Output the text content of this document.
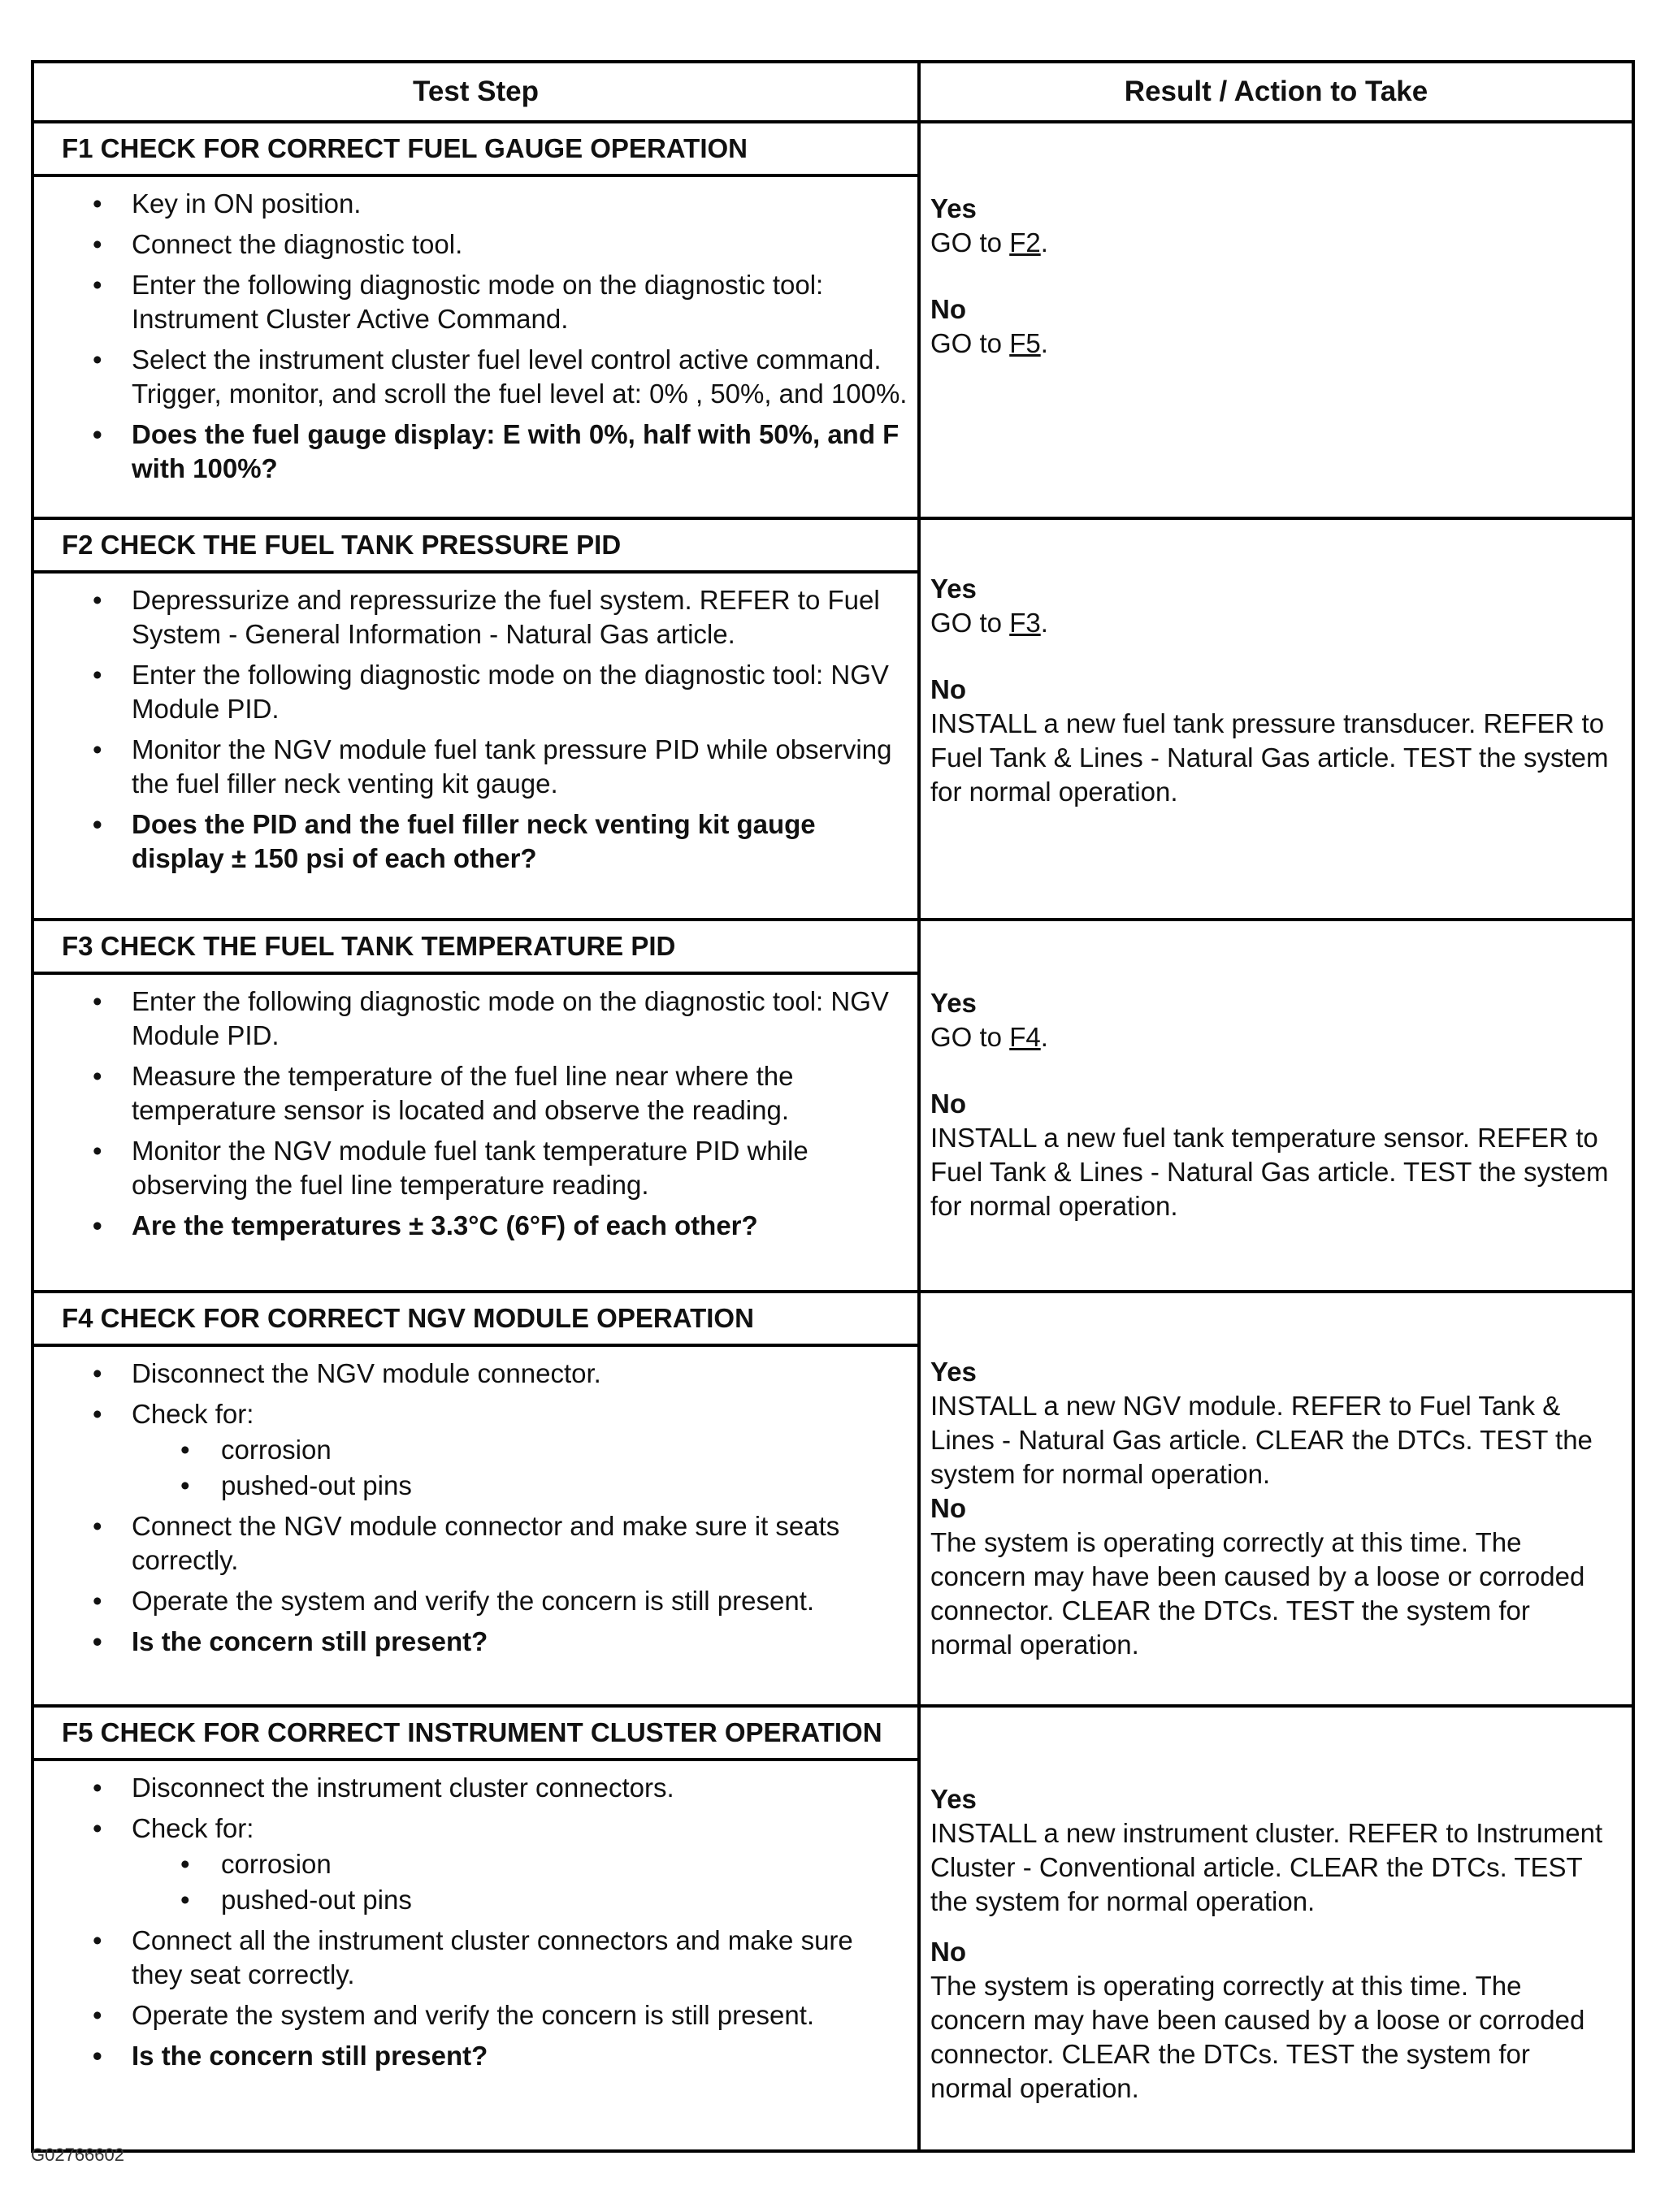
Test Step	Result / Action to Take
F1 CHECK FOR CORRECT FUEL GAUGE OPERATION
• Key in ON position.
• Connect the diagnostic tool.
• Enter the following diagnostic mode on the diagnostic tool: Instrument Cluster Active Command.
• Select the instrument cluster fuel level control active command. Trigger, monitor, and scroll the fuel level at: 0% , 50%, and 100%.
• Does the fuel gauge display: E with 0%, half with 50%, and F with 100%?
Yes
GO to F2.
No
GO to F5.
F2 CHECK THE FUEL TANK PRESSURE PID
• Depressurize and repressurize the fuel system. REFER to Fuel System - General Information - Natural Gas article.
• Enter the following diagnostic mode on the diagnostic tool: NGV Module PID.
• Monitor the NGV module fuel tank pressure PID while observing the fuel filler neck venting kit gauge.
• Does the PID and the fuel filler neck venting kit gauge display ± 150 psi of each other?
Yes
GO to F3.
No
INSTALL a new fuel tank pressure transducer. REFER to Fuel Tank & Lines - Natural Gas article. TEST the system for normal operation.
F3 CHECK THE FUEL TANK TEMPERATURE PID
• Enter the following diagnostic mode on the diagnostic tool: NGV Module PID.
• Measure the temperature of the fuel line near where the temperature sensor is located and observe the reading.
• Monitor the NGV module fuel tank temperature PID while observing the fuel line temperature reading.
• Are the temperatures ± 3.3°C (6°F) of each other?
Yes
GO to F4.
No
INSTALL a new fuel tank temperature sensor. REFER to Fuel Tank & Lines - Natural Gas article. TEST the system for normal operation.
F4 CHECK FOR CORRECT NGV MODULE OPERATION
• Disconnect the NGV module connector.
• Check for:
• corrosion
• pushed-out pins
• Connect the NGV module connector and make sure it seats correctly.
• Operate the system and verify the concern is still present.
• Is the concern still present?
Yes
INSTALL a new NGV module. REFER to Fuel Tank & Lines - Natural Gas article. CLEAR the DTCs. TEST the system for normal operation.
No
The system is operating correctly at this time. The concern may have been caused by a loose or corroded connector. CLEAR the DTCs. TEST the system for normal operation.
F5 CHECK FOR CORRECT INSTRUMENT CLUSTER OPERATION
• Disconnect the instrument cluster connectors.
• Check for:
• corrosion
• pushed-out pins
• Connect all the instrument cluster connectors and make sure they seat correctly.
• Operate the system and verify the concern is still present.
• Is the concern still present?
Yes
INSTALL a new instrument cluster. REFER to Instrument Cluster - Conventional article. CLEAR the DTCs. TEST the system for normal operation.
No
The system is operating correctly at this time. The concern may have been caused by a loose or corroded connector. CLEAR the DTCs. TEST the system for normal operation.
G02766602
